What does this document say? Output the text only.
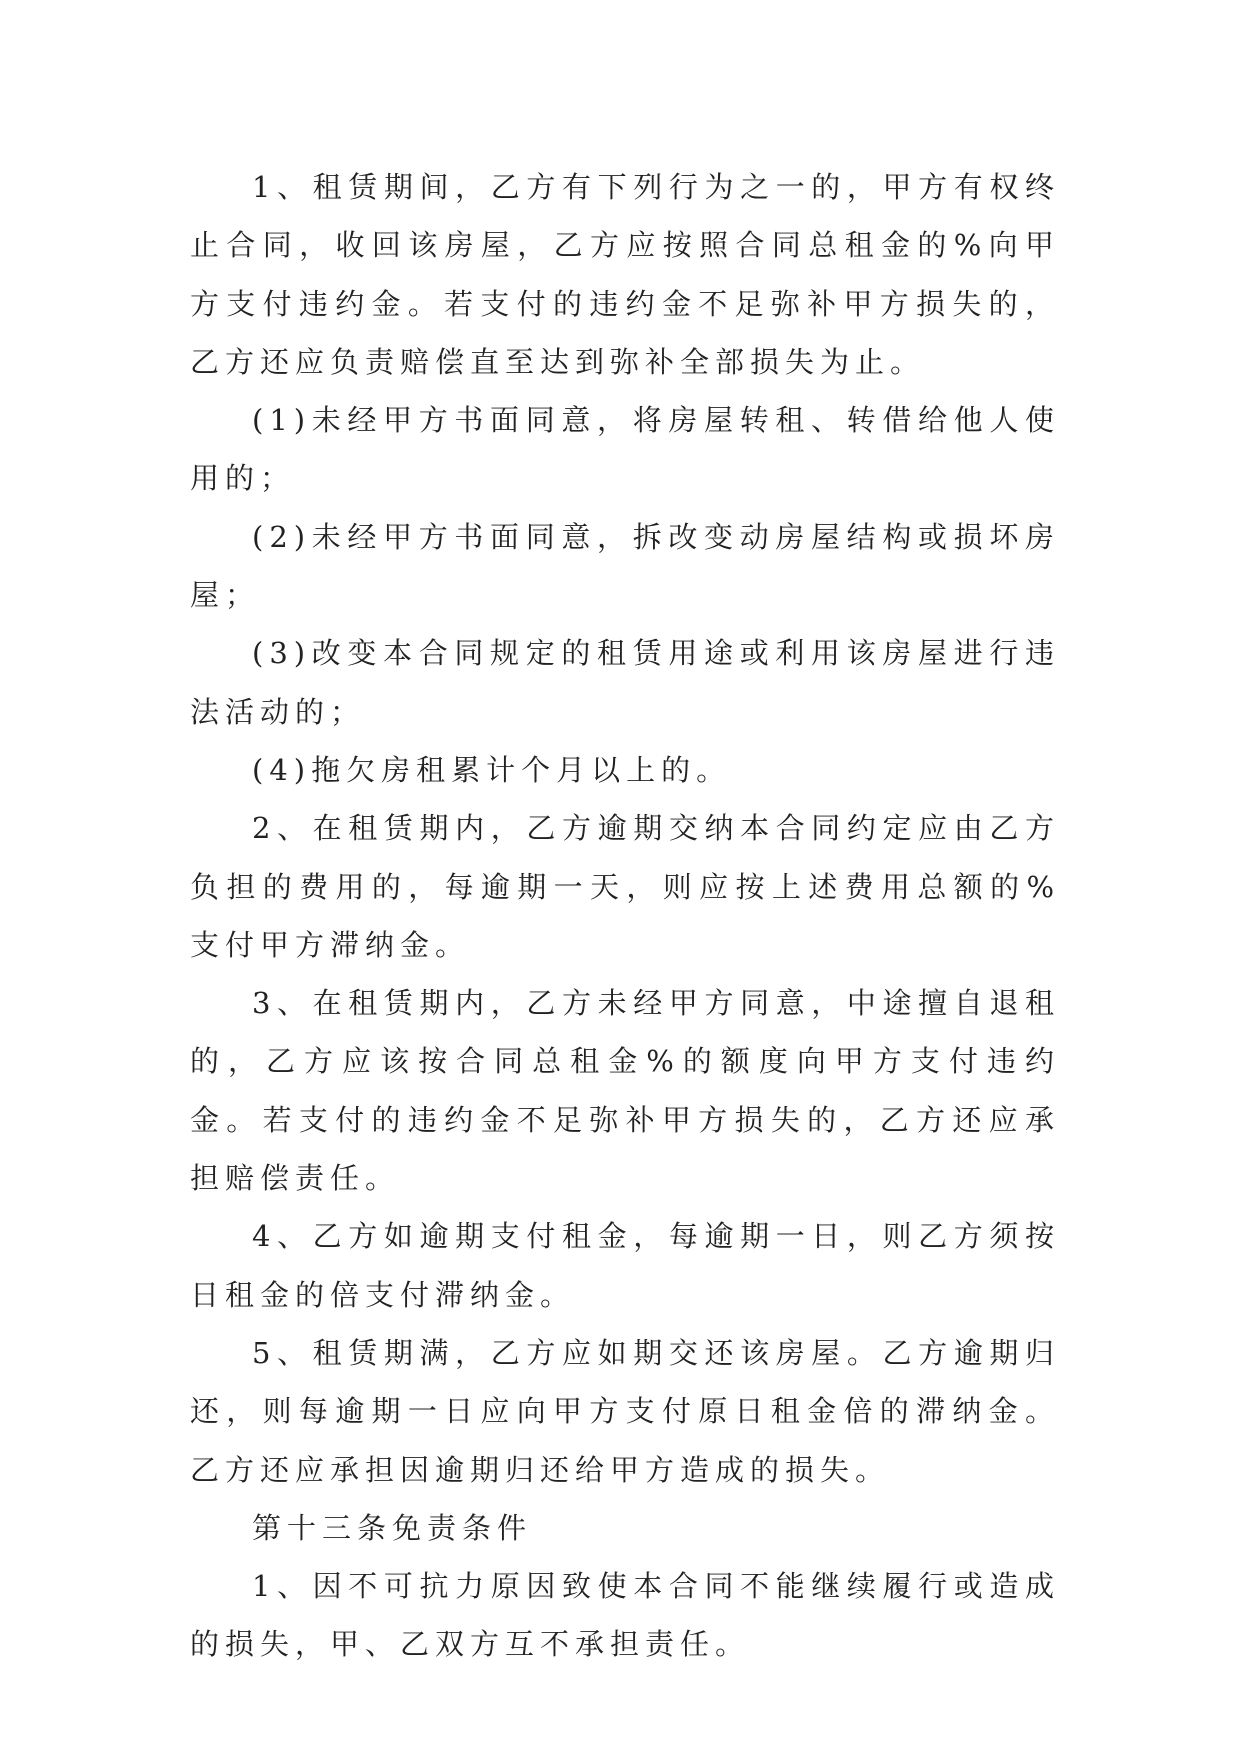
1、租赁期间，乙方有下列行为之一的，甲方有权终止合同，收回该房屋，乙方应按照合同总租金的%向甲方支付违约金。若支付的违约金不足弥补甲方损失的，乙方还应负责赔偿直至达到弥补全部损失为止。

(1)未经甲方书面同意，将房屋转租、转借给他人使用的；

(2)未经甲方书面同意，拆改变动房屋结构或损坏房屋；

(3)改变本合同规定的租赁用途或利用该房屋进行违法活动的；

(4)拖欠房租累计个月以上的。

2、在租赁期内，乙方逾期交纳本合同约定应由乙方负担的费用的，每逾期一天，则应按上述费用总额的%支付甲方滞纳金。

3、在租赁期内，乙方未经甲方同意，中途擅自退租的，乙方应该按合同总租金%的额度向甲方支付违约金。若支付的违约金不足弥补甲方损失的，乙方还应承担赔偿责任。

4、乙方如逾期支付租金，每逾期一日，则乙方须按日租金的倍支付滞纳金。

5、租赁期满，乙方应如期交还该房屋。乙方逾期归还，则每逾期一日应向甲方支付原日租金倍的滞纳金。乙方还应承担因逾期归还给甲方造成的损失。

第十三条免责条件

1、因不可抗力原因致使本合同不能继续履行或造成的损失，甲、乙双方互不承担责任。
